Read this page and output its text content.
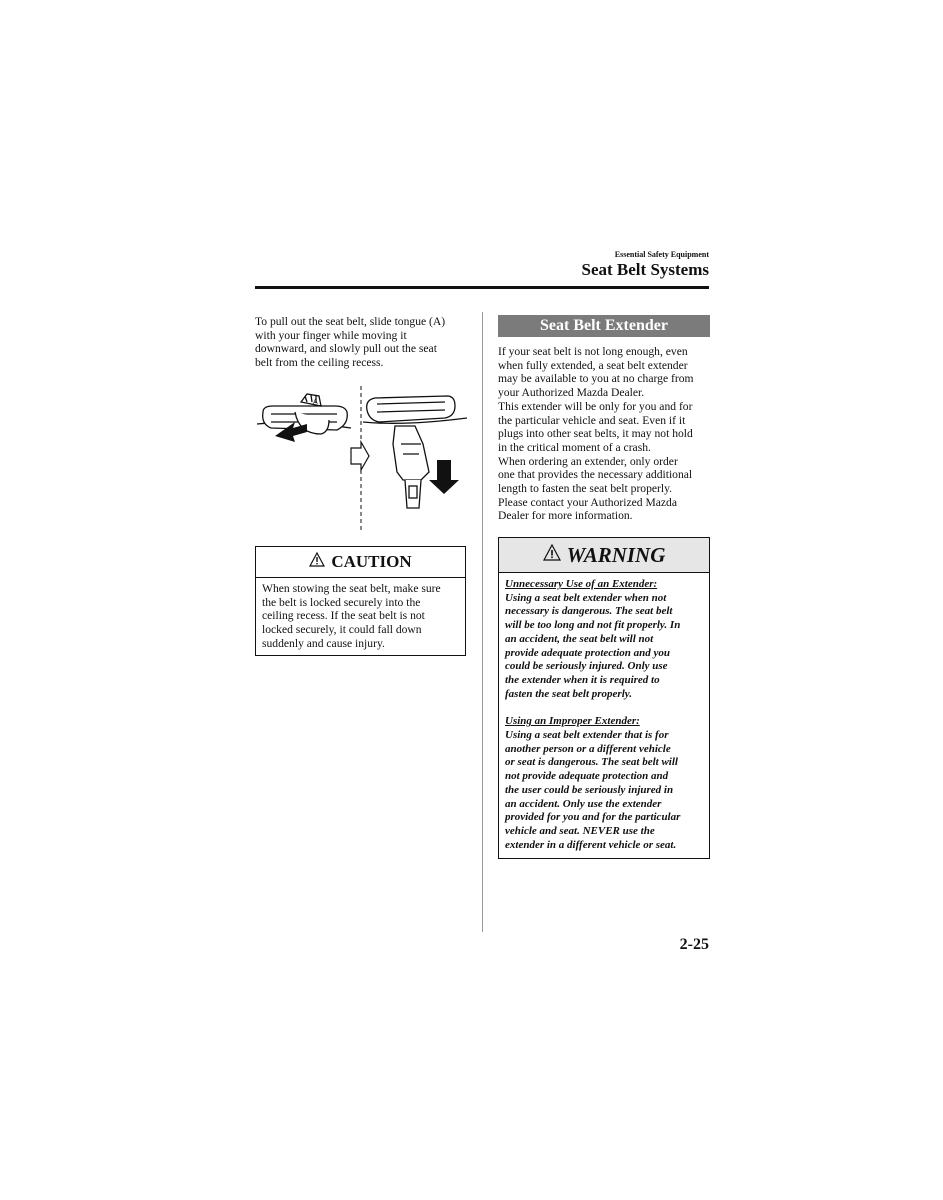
Essential Safety Equipment
Seat Belt Systems

To pull out the seat belt, slide tongue (A)

with your finger while moving it

downward, and slowly pull out the seat

belt from the ceiling recess.

A
CAUTION

When stowing the seat belt, make sure

the belt is locked securely into the

ceiling recess. If the seat belt is not

locked securely, it could fall down

suddenly and cause injury.

Seat Belt Extender

If your seat belt is not long enough, even

when fully extended, a seat belt extender

may be available to you at no charge from

your Authorized Mazda Dealer.

This extender will be only for you and for

the particular vehicle and seat. Even if it

plugs into other seat belts, it may not hold

in the critical moment of a crash.

When ordering an extender, only order

one that provides the necessary additional

length to fasten the seat belt properly.

Please contact your Authorized Mazda

Dealer for more information.

WARNING
Unnecessary Use of an Extender:
Using a seat belt extender when not
necessary is dangerous. The seat belt
will be too long and not fit properly. In
an accident, the seat belt will not
provide adequate protection and you
could be seriously injured. Only use
the extender when it is required to
fasten the seat belt properly.
Using an Improper Extender:
Using a seat belt extender that is for
another person or a different vehicle
or seat is dangerous. The seat belt will
not provide adequate protection and
the user could be seriously injured in
an accident. Only use the extender
provided for you and for the particular
vehicle and seat. NEVER use the
extender in a different vehicle or seat.
2-25
